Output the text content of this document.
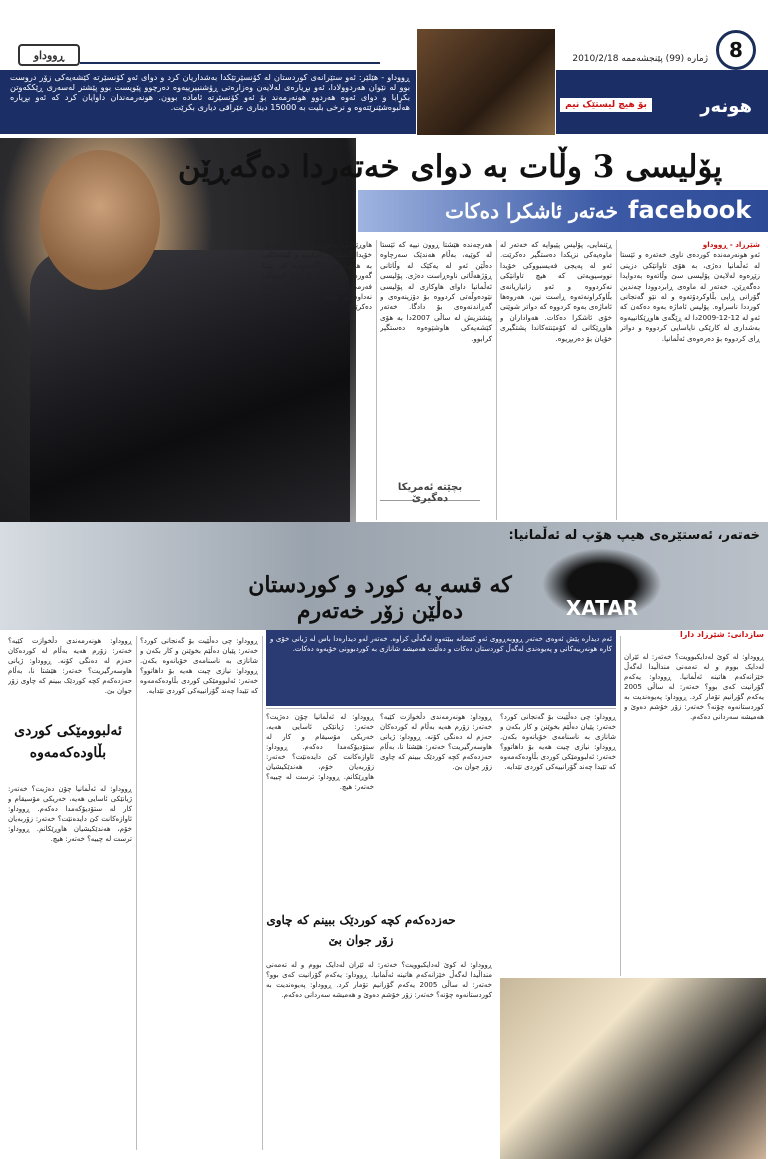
8
ژماره (99) پێنجشەممە 2010/2/18
ڕووداو
ڕووداو - هێلێر: ئەو ستێرانەی کوردستان لە کۆنسێرتێکدا بەشداریان کرد و دوای ئەو کۆنسێرتە کێشەیەکی زۆر دروست بوو لە نێوان هەردوولادا، ئەو بڕیارەی لەلایەن وەزارەتی ڕۆشنبیرییەوە دەرچوو پێویست بوو پێشتر لەسەری ڕێککەوتن بکرابا و دوای ئەوە هەردوو هونەرمەند بۆ ئەو کۆنسێرتە ئامادە بوون. هونەرمەندان داوایان کرد کە ئەو بڕیارە هەڵبوەشێنرێتەوە و نرخی بلیت بە 15000 دیناری عێراقی دیاری بکرێت.	بۆ هیچ لیستێک نیم	هونەر
پۆلیسی 3 وڵات بە دوای خەتەردا دەگەڕێن
facebook
خەتەر ئاشکرا دەکات
شێرزاد - ڕووداو
ئەو هونەرمەندە کوردەی ناوی خەتەرە و ئێستا لە ئەڵمانیا دەژی، بە هۆی تاوانێکی دزینی زێڕەوە لەلایەن پۆلیسی سێ وڵاتەوە بەدوایدا دەگەڕێن. خەتەر لە ماوەی ڕابردوودا چەندین گۆرانی ڕاپی بڵاوکردۆتەوە و لە نێو گەنجانی کورددا ناسراوە. پۆلیس ئاماژە بەوە دەکەن کە ئەو لە 12-12-2009دا لە ڕێگەی هاوڕێکانییەوە بەشداری لە کارێکی نایاسایی کردووە و دواتر ڕای کردووە بۆ دەرەوەی ئەڵمانیا.
ڕێنمایی، پۆلیس پێیوایە کە خەتەر لە ماوەیەکی نزیکدا دەستگیر دەکرێت. ئەو لە پەیجی فەیسبووکی خۆیدا نووسیویەتی کە هیچ تاوانێکی نەکردووە و ئەو زانیاریانەی بڵاوکراونەتەوە ڕاست نین، هەروەها ئاماژەی بەوە کردووە کە دواتر شوێنی خۆی ئاشکرا دەکات. هەواداران و هاوڕێکانی لە کۆمێنتەکاندا پشتگیری خۆیان بۆ دەربڕیوە.
هەرچەندە هێشتا ڕوون نییە کە ئێستا لە کوێیە، بەڵام هەندێک سەرچاوە دەڵێن ئەو لە یەکێک لە وڵاتانی ڕۆژهەڵاتی ناوەڕاست دەژی. پۆلیسی ئەڵمانیا داوای هاوکاری لە پۆلیسی نێودەوڵەتی کردووە بۆ دۆزینەوەی و گەڕاندنەوەی بۆ دادگا. خەتەر پێشتریش لە ساڵی 2007دا بە هۆی کێشەیەکی هاوشێوەوە دەستگیر کرابوو.
هاوڕێکانی دەڵێن ئەو لە ژیانی تایبەتی خۆیدا کەسێکی ئاسایییە و کێشەکانی بە هۆی ئەو ژینگەیەوەیە کە تێیدا گەورە بووە. تا ئێستا هیچ لایەنێکی فەرمی لێدوانی لەسەر ئەم بابەتە نەداوە و چاوەڕوانی زانیاری زیاتر دەکرێت.
بچێتە ئەمریکا دەگیرێ
خەتەر، ئەستێرەی هیپ هۆپ لە ئەڵمانیا:
کە قسە بە کورد و کوردستان دەڵێن زۆر خەتەرم	XATAR
ئەم دیدارە پێش ئەوەی خەتەر ڕووبەڕووی ئەو کێشانە ببێتەوە لەگەڵی کراوە. خەتەر لەو دیدارەدا باس لە ژیانی خۆی و کارە هونەرییەکانی و پەیوەندی لەگەڵ کوردستان دەکات و دەڵێت هەمیشە شانازی بە کوردبوونی خۆیەوە دەکات.
سازدانی: شێرزاد دارا
ڕووداو: لە کوێ لەدایکبوویت؟ خەتەر: لە ئێران لەدایک بووم و لە تەمەنی منداڵیدا لەگەڵ خێزانەکەم هاتینە ئەڵمانیا. ڕووداو: یەکەم گۆرانیت کەی بوو؟ خەتەر: لە ساڵی 2005 یەکەم گۆرانیم تۆمار کرد. ڕووداو: پەیوەندیت بە کوردستانەوە چۆنە؟ خەتەر: زۆر خۆشم دەوێ و هەمیشە سەردانی دەکەم.
ڕووداو: چی دەڵێیت بۆ گەنجانی کورد؟ خەتەر: پێیان دەڵێم بخوێنن و کار بکەن و شانازی بە ناسنامەی خۆیانەوە بکەن. ڕووداو: نیازی چیت هەیە بۆ داهاتوو؟ خەتەر: ئەلبوومێکی کوردی بڵاودەکەمەوە کە تێیدا چەند گۆرانییەکی کوردی تێدایە.
ڕووداو: هونەرمەندی دڵخوازت کێیە؟ خەتەر: زۆرم هەیە بەڵام لە کوردەکان حەزم لە دەنگی کۆنە. ڕووداو: ژیانی هاوسەرگیریت؟ خەتەر: هێشتا نا، بەڵام حەزدەکەم کچە کوردێک ببینم کە چاوی زۆر جوان بێ.
ڕووداو: لە ئەڵمانیا چۆن دەژیت؟ خەتەر: ژیانێکی ئاسایی هەیە، خەریکی مۆسیقام و کار لە ستۆدیۆکەمدا دەکەم. ڕووداو: ئاوازەکانت کێ دایدەنێت؟ خەتەر: زۆربەیان خۆم، هەندێکیشیان هاوڕێکانم. ڕووداو: ترست لە چییە؟ خەتەر: هیچ.
ڕووداو: چی دەڵێیت بۆ گەنجانی کورد؟ خەتەر: پێیان دەڵێم بخوێنن و کار بکەن و شانازی بە ناسنامەی خۆیانەوە بکەن. ڕووداو: نیازی چیت هەیە بۆ داهاتوو؟ خەتەر: ئەلبوومێکی کوردی بڵاودەکەمەوە کە تێیدا چەند گۆرانییەکی کوردی تێدایە.
ڕووداو: هونەرمەندی دڵخوازت کێیە؟ خەتەر: زۆرم هەیە بەڵام لە کوردەکان حەزم لە دەنگی کۆنە. ڕووداو: ژیانی هاوسەرگیریت؟ خەتەر: هێشتا نا، بەڵام حەزدەکەم کچە کوردێک ببینم کە چاوی زۆر جوان بێ.
ئەلبوومێکی کوردی بڵاودەکەمەوە
ڕووداو: لە ئەڵمانیا چۆن دەژیت؟ خەتەر: ژیانێکی ئاسایی هەیە، خەریکی مۆسیقام و کار لە ستۆدیۆکەمدا دەکەم. ڕووداو: ئاوازەکانت کێ دایدەنێت؟ خەتەر: زۆربەیان خۆم، هەندێکیشیان هاوڕێکانم. ڕووداو: ترست لە چییە؟ خەتەر: هیچ.
حەزدەکەم کچە کوردێک ببینم کە چاوی زۆر جوان بێ
ڕووداو: لە کوێ لەدایکبوویت؟ خەتەر: لە ئێران لەدایک بووم و لە تەمەنی منداڵیدا لەگەڵ خێزانەکەم هاتینە ئەڵمانیا. ڕووداو: یەکەم گۆرانیت کەی بوو؟ خەتەر: لە ساڵی 2005 یەکەم گۆرانیم تۆمار کرد. ڕووداو: پەیوەندیت بە کوردستانەوە چۆنە؟ خەتەر: زۆر خۆشم دەوێ و هەمیشە سەردانی دەکەم.
